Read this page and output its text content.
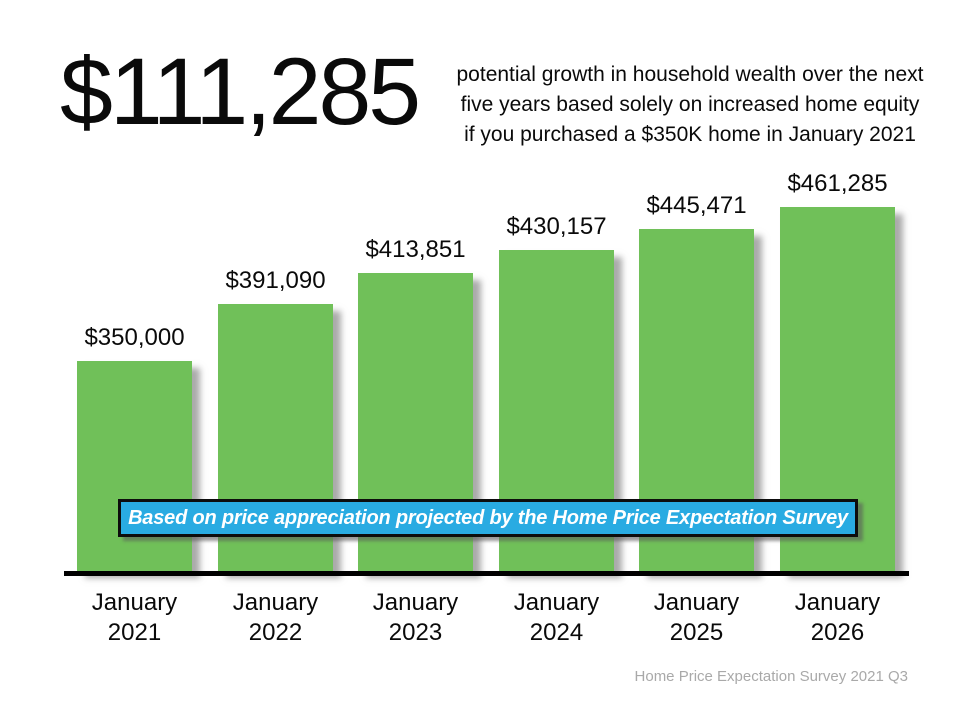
$111,285	potential growth in household wealth over the next
five years based solely on increased home equity
if you purchased a $350K home in January 2021
$350,000
January
2021
$391,090
January
2022
$413,851
January
2023
$430,157
January
2024
$445,471
January
2025
$461,285
January
2026
Based on price appreciation projected by the Home Price Expectation Survey
Home Price Expectation Survey 2021 Q3
